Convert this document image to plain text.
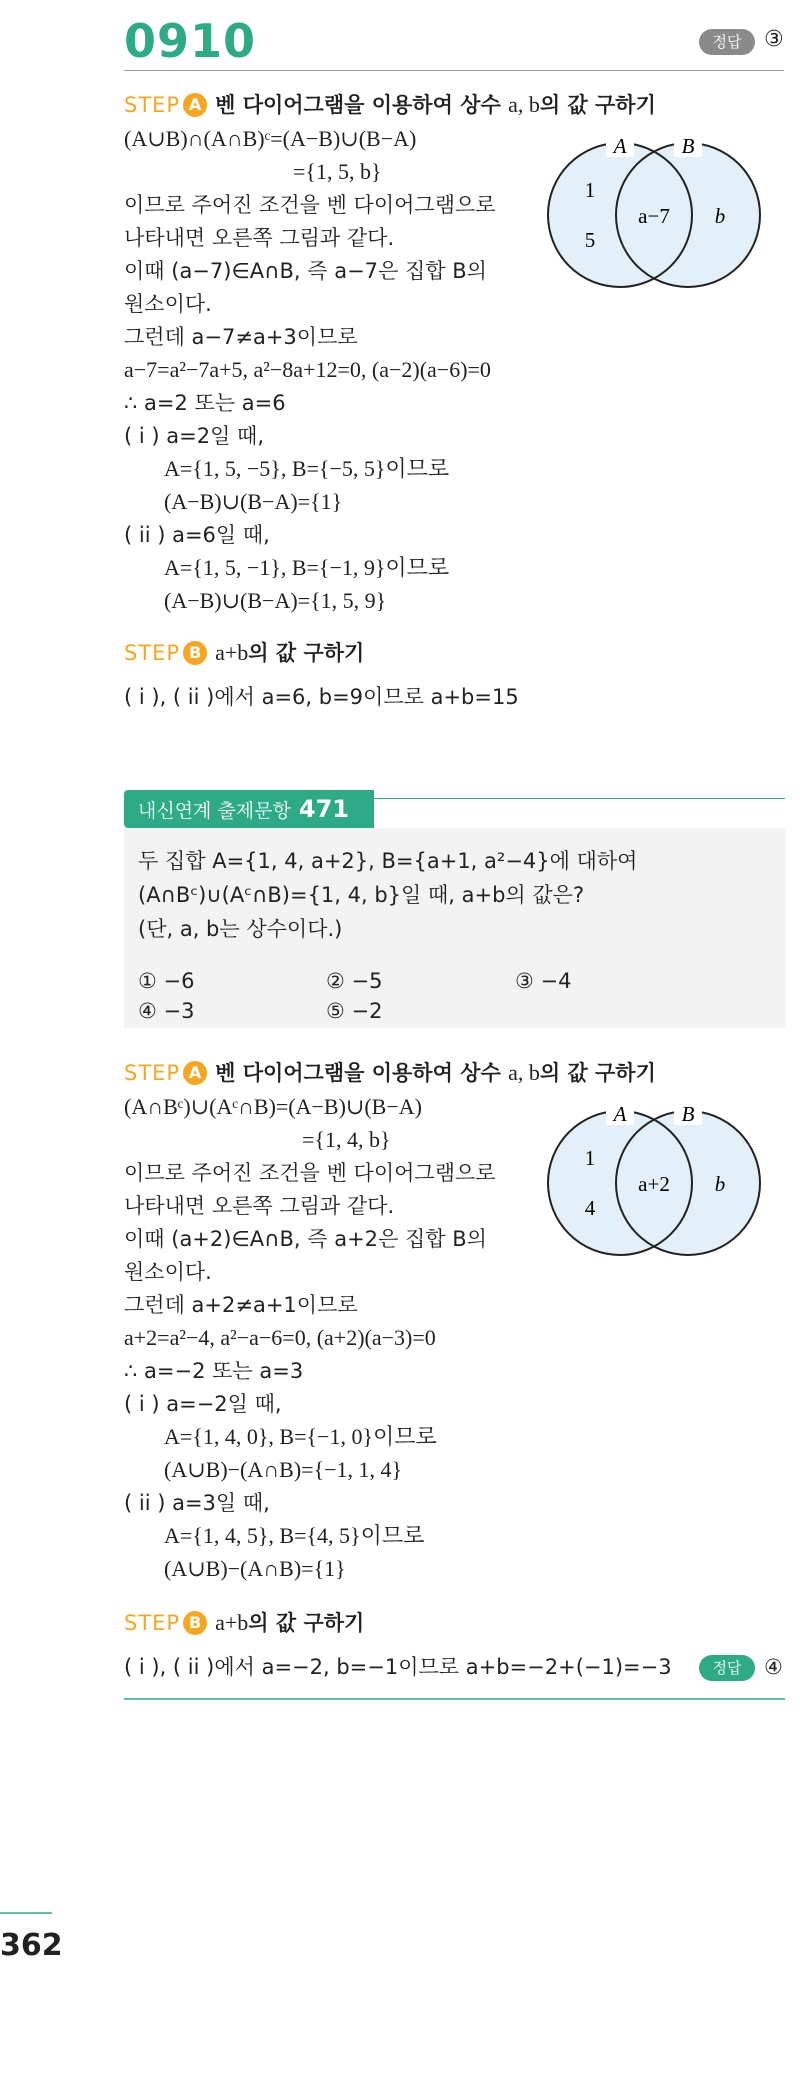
0910	정답	③
STEP A 벤 다이어그램을 이용하여 상수 a, b의 값 구하기
(A∪B)∩(A∩B)ᶜ=(A−B)∪(B−A)
={1, 5, b}
이므로 주어진 조건을 벤 다이어그램으로
나타내면 오른쪽 그림과 같다.
이때 (a−7)∈A∩B, 즉 a−7은 집합 B의
원소이다.
그런데 a−7≠a+3이므로
a−7=a²−7a+5, a²−8a+12=0, (a−2)(a−6)=0
∴ a=2 또는 a=6
( i ) a=2일 때,
A={1, 5, −5}, B={−5, 5}이므로
(A−B)∪(B−A)={1}
( ii ) a=6일 때,
A={1, 5, −1}, B={−1, 9}이므로
(A−B)∪(B−A)={1, 5, 9}
A	B
1
5
a−7 b
STEP B a+b의 값 구하기
( i ), ( ii )에서 a=6, b=9이므로 a+b=15
내신연계 출제문항 471
두 집합 A={1, 4, a+2}, B={a+1, a²−4}에 대하여
(A∩Bᶜ)∪(Aᶜ∩B)={1, 4, b}일 때, a+b의 값은?
(단, a, b는 상수이다.)
① −6	② −5	③ −4
④ −3	⑤ −2
STEP A 벤 다이어그램을 이용하여 상수 a, b의 값 구하기
(A∩Bᶜ)∪(Aᶜ∩B)=(A−B)∪(B−A)
={1, 4, b}
이므로 주어진 조건을 벤 다이어그램으로
나타내면 오른쪽 그림과 같다.
이때 (a+2)∈A∩B, 즉 a+2은 집합 B의
원소이다.
그런데 a+2≠a+1이므로
a+2=a²−4, a²−a−6=0, (a+2)(a−3)=0
∴ a=−2 또는 a=3
( i ) a=−2일 때,
A={1, 4, 0}, B={−1, 0}이므로
(A∪B)−(A∩B)={−1, 1, 4}
( ii ) a=3일 때,
A={1, 4, 5}, B={4, 5}이므로
(A∪B)−(A∩B)={1}
A	B
1
4
a+2 b
STEP B a+b의 값 구하기
( i ), ( ii )에서 a=−2, b=−1이므로 a+b=−2+(−1)=−3	정답	④
362
